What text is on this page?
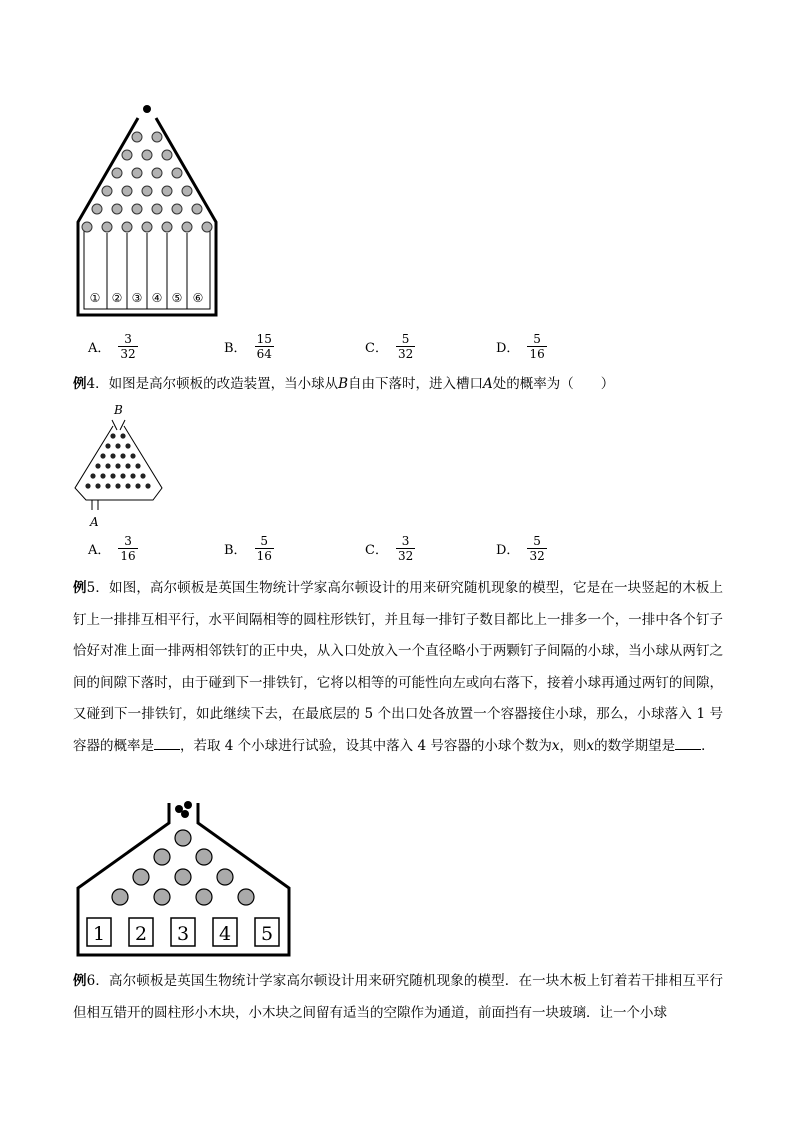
① ② ③ ④ ⑤ ⑥
A． $\frac{3}{32}$	B． $\frac{15}{64}$	C． $\frac{5}{32}$	D． $\frac{5}{16}$
例4．如图是高尔顿板的改造装置，当小球从B自由下落时，进入槽口A处的概率为（　　）
B
A
A． $\frac{3}{16}$	B． $\frac{5}{16}$	C． $\frac{3}{32}$	D． $\frac{5}{32}$
例5．如图，高尔顿板是英国生物统计学家高尔顿设计的用来研究随机现象的模型，它是在一块竖起的木板上钉上一排排互相平行，水平间隔相等的圆柱形铁钉，并且每一排钉子数目都比上一排多一个，一排中各个钉子恰好对准上面一排两相邻铁钉的正中央，从入口处放入一个直径略小于两颗钉子间隔的小球，当小球从两钉之间的间隙下落时，由于碰到下一排铁钉，它将以相等的可能性向左或向右落下，接着小球再通过两钉的间隙，又碰到下一排铁钉，如此继续下去，在最底层的 5 个出口处各放置一个容器接住小球，那么，小球落入 1 号容器的概率是 ，若取 4 个小球进行试验，设其中落入 4 号容器的小球个数为x，则x的数学期望是 ．
1 2 3 4 5
例6．高尔顿板是英国生物统计学家高尔顿设计用来研究随机现象的模型．在一块木板上钉着若干排相互平行但相互错开的圆柱形小木块，小木块之间留有适当的空隙作为通道，前面挡有一块玻璃．让一个小球
